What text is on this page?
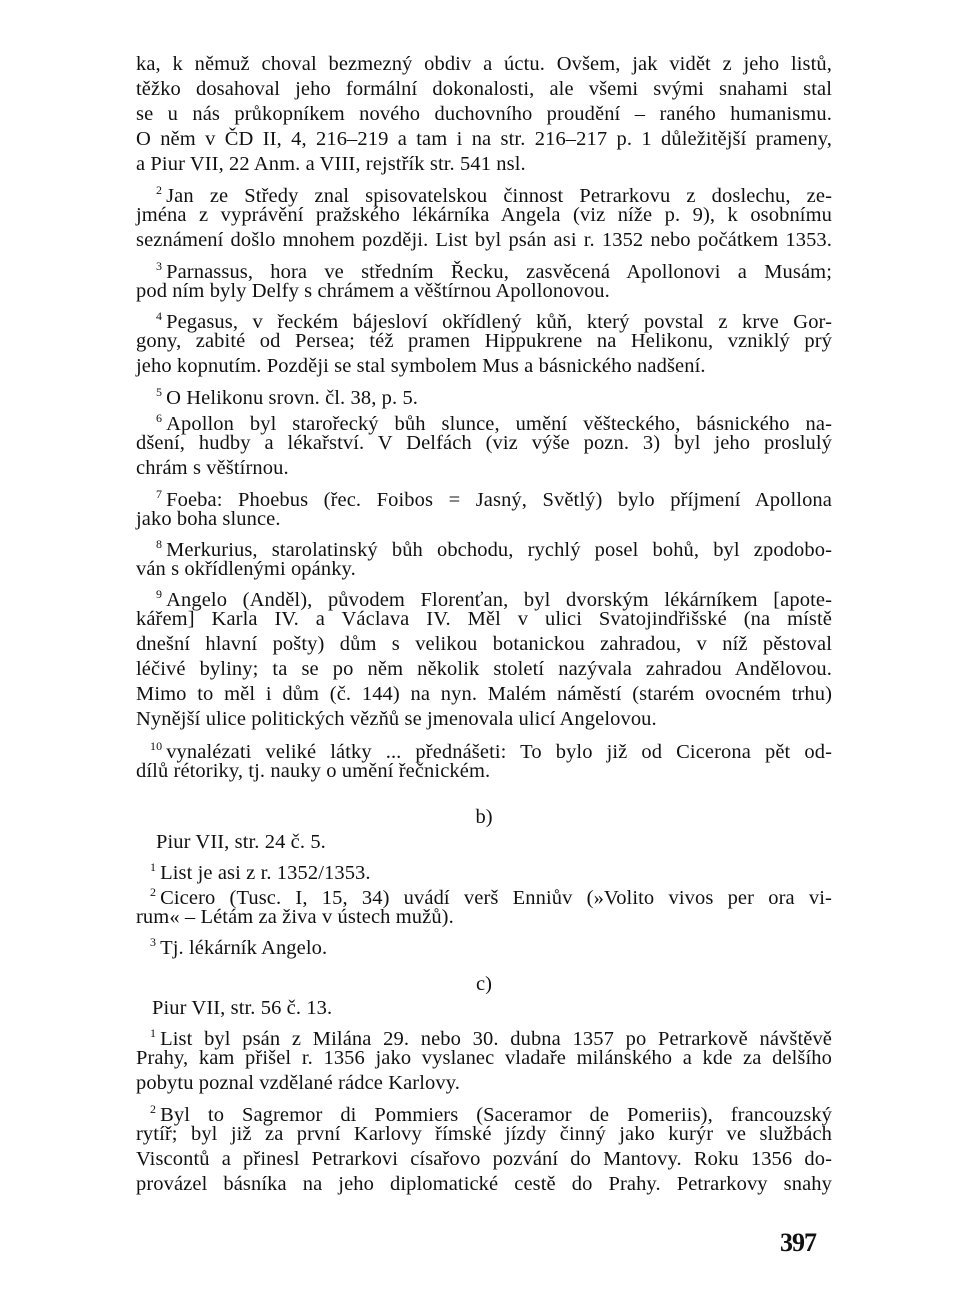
ka, k němuž choval bezmezný obdiv a úctu. Ovšem, jak vidět z jeho listů,
těžko dosahoval jeho formální dokonalosti, ale všemi svými snahami stal
se u nás průkopníkem nového duchovního proudění – raného humanismu.
O něm v ČD II, 4, 216–219 a tam i na str. 216–217 p. 1 důležitější prameny,
a Piur VII, 22 Anm. a VIII, rejstřík str. 541 nsl.
$^2$ Jan ze Středy znal spisovatelskou činnost Petrarkovu z doslechu, ze-
jména z vyprávění pražského lékárníka Angela (viz níže p. 9), k osobnímu
seznámení došlo mnohem později. List byl psán asi r. 1352 nebo počátkem 1353.
$^3$ Parnassus, hora ve středním Řecku, zasvěcená Apollonovi a Musám;
pod ním byly Delfy s chrámem a věštírnou Apollonovou.
$^4$ Pegasus, v řeckém bájesloví okřídlený kůň, který povstal z krve Gor-
gony, zabité od Persea; též pramen Hippukrene na Helikonu, vzniklý prý
jeho kopnutím. Později se stal symbolem Mus a básnického nadšení.
$^5$ O Helikonu srovn. čl. 38, p. 5.
$^6$ Apollon byl starořecký bůh slunce, umění věšteckého, básnického na-
dšení, hudby a lékařství. V Delfách (viz výše pozn. 3) byl jeho proslulý
chrám s věštírnou.
$^7$ Foeba: Phoebus (řec. Foibos = Jasný, Světlý) bylo příjmení Apollona
jako boha slunce.
$^8$ Merkurius, starolatinský bůh obchodu, rychlý posel bohů, byl zpodobo-
ván s okřídlenými opánky.
$^9$ Angelo (Anděl), původem Florenťan, byl dvorským lékárníkem [apote-
kářem] Karla IV. a Václava IV. Měl v ulici Svatojindřišské (na místě
dnešní hlavní pošty) dům s velikou botanickou zahradou, v níž pěstoval
léčivé byliny; ta se po něm několik století nazývala zahradou Andělovou.
Mimo to měl i dům (č. 144) na nyn. Malém náměstí (starém ovocném trhu)
Nynější ulice politických vězňů se jmenovala ulicí Angelovou.
$^{10}$ vynalézati veliké látky ... přednášeti: To bylo již od Cicerona pět od-
dílů rétoriky, tj. nauky o umění řečnickém.
b)
Piur VII, str. 24 č. 5.
$^1$ List je asi z r. 1352/1353.
$^2$ Cicero (Tusc. I, 15, 34) uvádí verš Enniův (»Volito vivos per ora vi-
rum« – Létám za živa v ústech mužů).
$^3$ Tj. lékárník Angelo.
c)
Piur VII, str. 56 č. 13.
$^1$ List byl psán z Milána 29. nebo 30. dubna 1357 po Petrarkově návštěvě
Prahy, kam přišel r. 1356 jako vyslanec vladaře milánského a kde za delšího
pobytu poznal vzdělané rádce Karlovy.
$^2$ Byl to Sagremor di Pommiers (Saceramor de Pomeriis), francouzský
rytíř; byl již za první Karlovy římské jízdy činný jako kurýr ve službách
Viscontů a přinesl Petrarkovi císařovo pozvání do Mantovy. Roku 1356 do-
provázel básníka na jeho diplomatické cestě do Prahy. Petrarkovy snahy
397
